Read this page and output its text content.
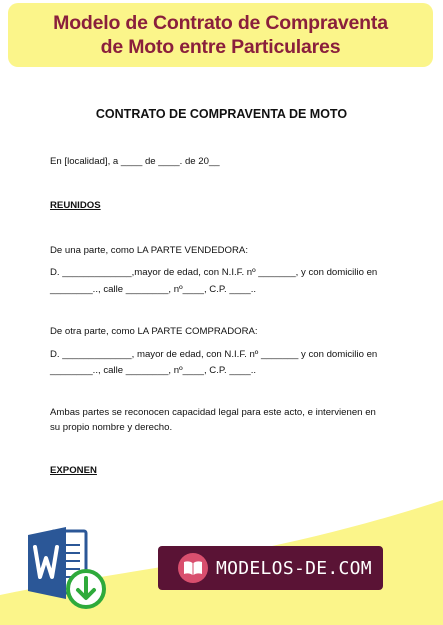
Modelo de Contrato de Compraventa
de Moto entre Particulares
CONTRATO DE COMPRAVENTA DE MOTO

En [localidad], a ____ de ____. de 20__

REUNIDOS

De una parte, como LA PARTE VENDEDORA:

D. _____________,mayor de edad, con N.I.F. nº _______, y con domicilio en

________.., calle ________, nº____, C.P. ____..

De otra parte, como LA PARTE COMPRADORA:

D. _____________, mayor de edad, con N.I.F. nº _______ y con domicilio en

________.., calle ________, nº____, C.P. ____..

Ambas partes se reconocen capacidad legal para este acto, e intervienen en

su propio nombre y derecho.

EXPONEN

MODELOS-DE.COM
